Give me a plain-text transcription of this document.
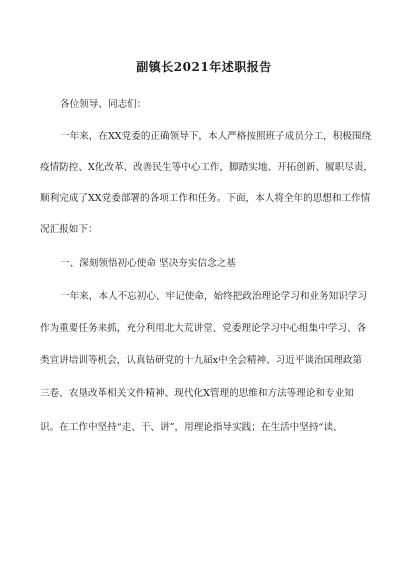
副镇长2021年述职报告
各位领导、同志们：
一年来，在XX党委的正确领导下，本人严格按照班子成员分工，积极围绕
疫情防控、X化改革、改善民生等中心工作，脚踏实地、开拓创新、履职尽责，
顺利完成了XX党委部署的各项工作和任务。下面，本人将全年的思想和工作情
况汇报如下：
一、深刻领悟初心使命 坚决夯实信念之基
一年来，本人不忘初心、牢记使命，始终把政治理论学习和业务知识学习
作为重要任务来抓，充分利用北大荒讲堂、党委理论学习中心组集中学习、各
类宣讲培训等机会，认真钻研党的十九届x中全会精神、习近平谈治国理政第
三卷、农垦改革相关文件精神、现代化X管理的思维和方法等理论和专业知
识。在工作中坚持“走、干、讲”，用理论指导实践；在生活中坚持“读、
